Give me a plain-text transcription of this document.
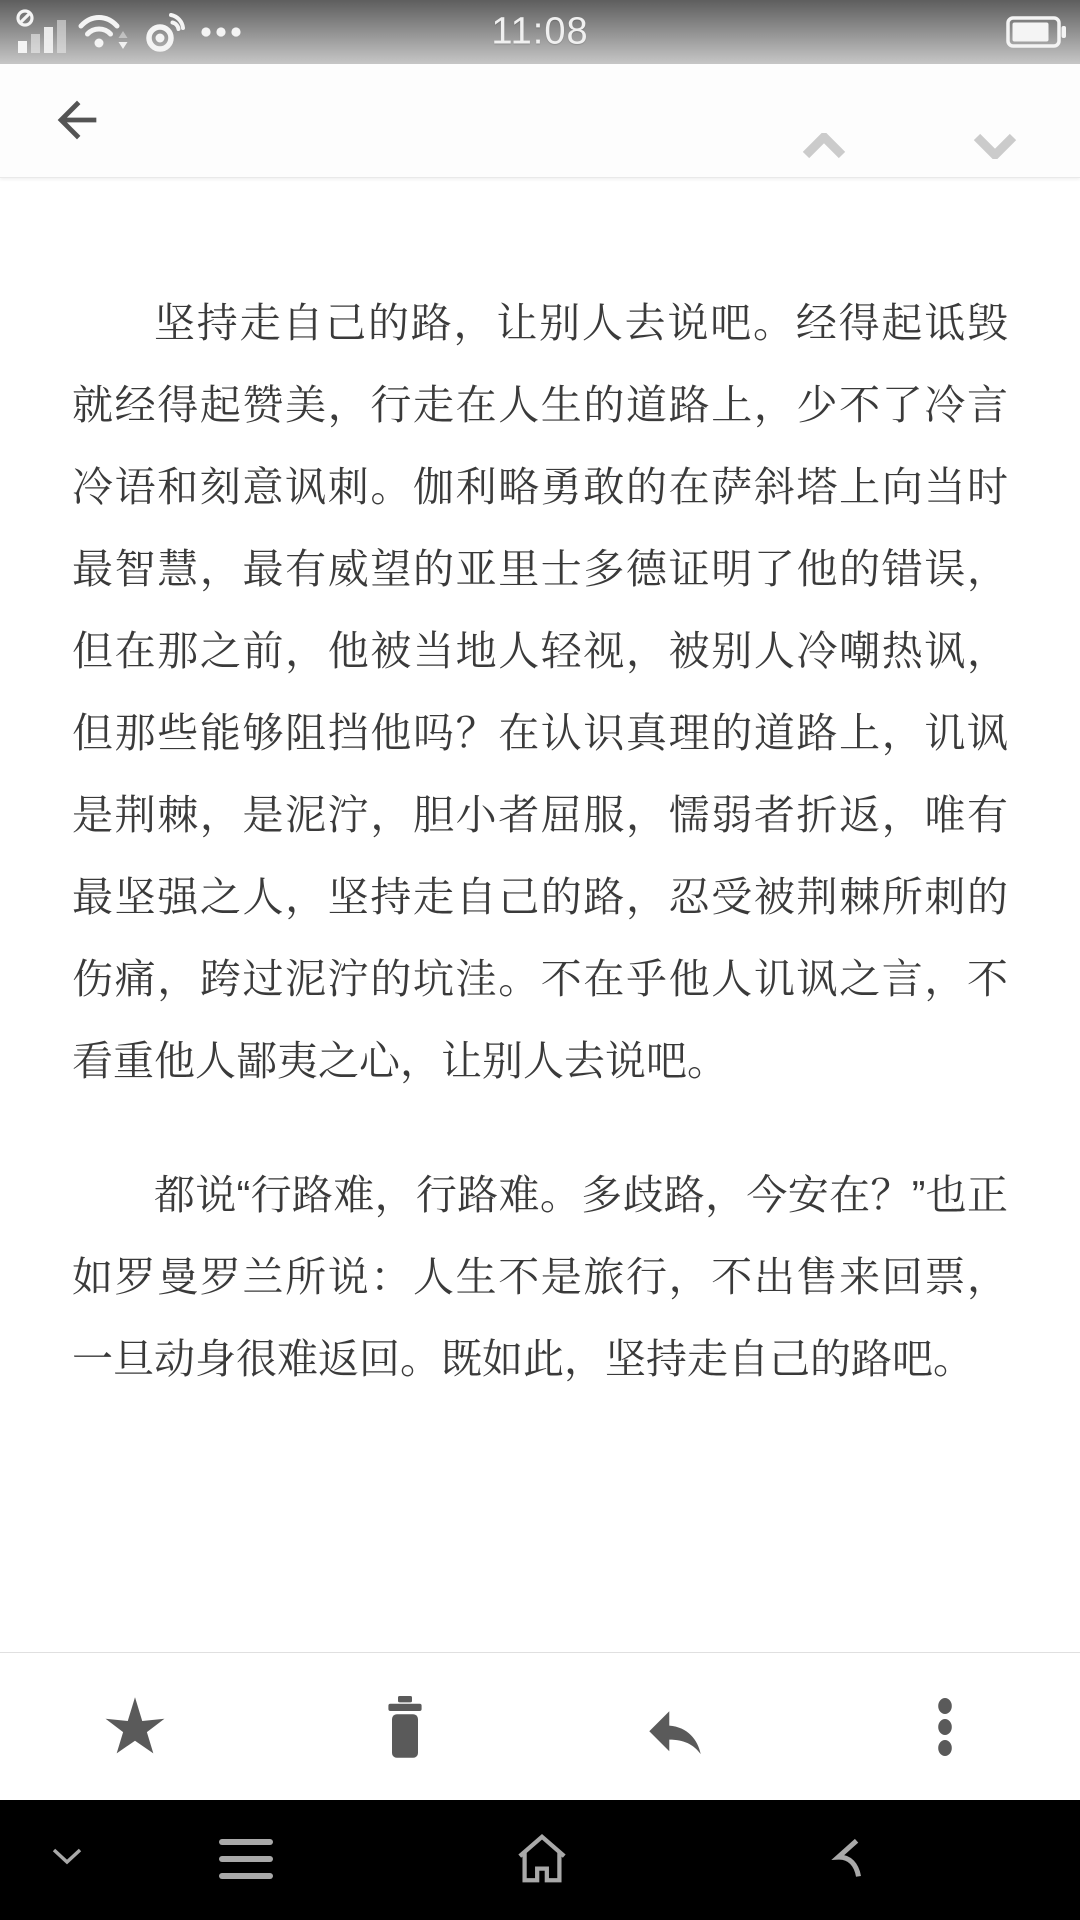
11:08

坚持走自己的路，让别人去说吧。经得起诋毁就经得起赞美，行走在人生的道路上，少不了冷言冷语和刻意讽刺。伽利略勇敢的在萨斜塔上向当时最智慧，最有威望的亚里士多德证明了他的错误，但在那之前，他被当地人轻视，被别人冷嘲热讽，但那些能够阻挡他吗？在认识真理的道路上，讥讽是荆棘，是泥泞，胆小者屈服，懦弱者折返，唯有最坚强之人，坚持走自己的路，忍受被荆棘所刺的伤痛，跨过泥泞的坑洼。不在乎他人讥讽之言，不看重他人鄙夷之心，让别人去说吧。

都说“行路难，行路难。多歧路，今安在？”也正如罗曼罗兰所说：人生不是旅行，不出售来回票，一旦动身很难返回。既如此，坚持走自己的路吧。
